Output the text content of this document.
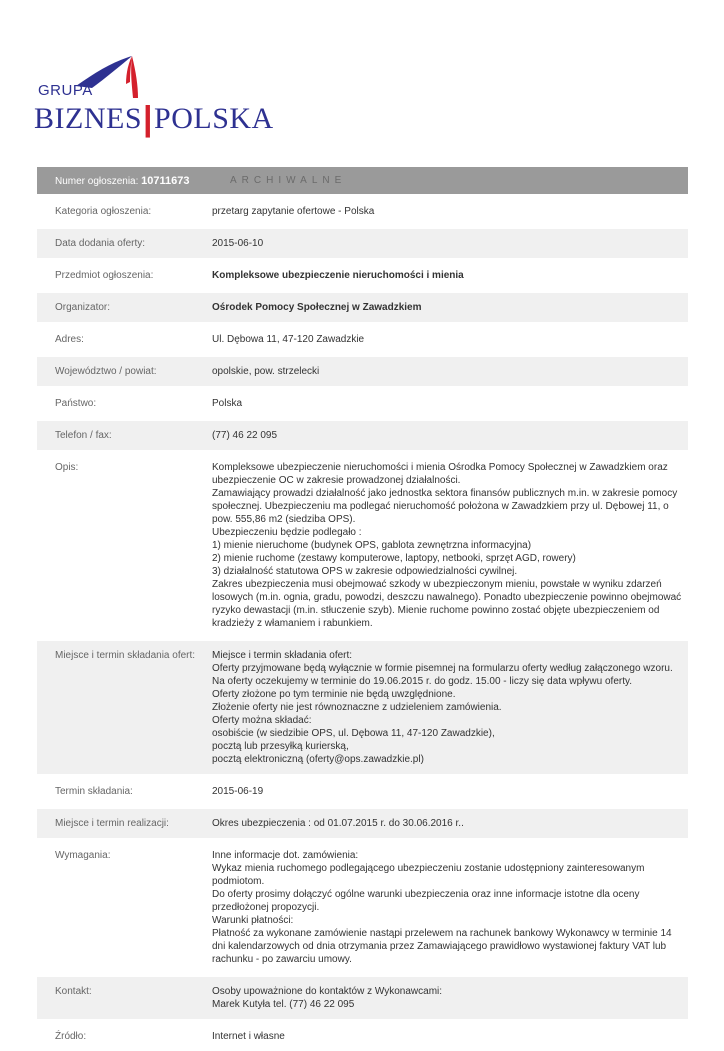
GRUPA
BIZNES|POLSKA
Numer ogłoszenia: 10711673	ARCHIWALNE
Kategoria ogłoszenia:	przetarg zapytanie ofertowe - Polska
Data dodania oferty:	2015-06-10
Przedmiot ogłoszenia:	Kompleksowe ubezpieczenie nieruchomości i mienia
Organizator:	Ośrodek Pomocy Społecznej w Zawadzkiem
Adres:	Ul. Dębowa 11, 47-120 Zawadzkie
Województwo / powiat:	opolskie, pow. strzelecki
Państwo:	Polska
Telefon / fax:	(77) 46 22 095
Opis:	Kompleksowe ubezpieczenie nieruchomości i mienia Ośrodka Pomocy Społecznej w Zawadzkiem oraz ubezpieczenie OC w zakresie prowadzonej działalności.
Zamawiający prowadzi działalność jako jednostka sektora finansów publicznych m.in. w zakresie pomocy społecznej. Ubezpieczeniu ma podlegać nieruchomość położona w Zawadzkiem przy ul. Dębowej 11, o pow. 555,86 m2 (siedziba OPS).
Ubezpieczeniu będzie podlegało :
1) mienie nieruchome (budynek OPS, gablota zewnętrzna informacyjna)
2) mienie ruchome (zestawy komputerowe, laptopy, netbooki, sprzęt AGD, rowery)
3) działalność statutowa OPS w zakresie odpowiedzialności cywilnej.
Zakres ubezpieczenia musi obejmować szkody w ubezpieczonym mieniu, powstałe w wyniku zdarzeń losowych (m.in. ognia, gradu, powodzi, deszczu nawalnego). Ponadto ubezpieczenie powinno obejmować ryzyko dewastacji (m.in. stłuczenie szyb). Mienie ruchome powinno zostać objęte ubezpieczeniem od kradzieży z włamaniem i rabunkiem.
Miejsce i termin składania ofert:	Miejsce i termin składania ofert:
Oferty przyjmowane będą wyłącznie w formie pisemnej na formularzu oferty według załączonego wzoru.
Na oferty oczekujemy w terminie do 19.06.2015 r. do godz. 15.00 - liczy się data wpływu oferty.
Oferty złożone po tym terminie nie będą uwzględnione.
Złożenie oferty nie jest równoznaczne z udzieleniem zamówienia.
Oferty można składać:
osobiście (w siedzibie OPS, ul. Dębowa 11, 47-120 Zawadzkie),
pocztą lub przesyłką kurierską,
pocztą elektroniczną (oferty@ops.zawadzkie.pl)
Termin składania:	2015-06-19
Miejsce i termin realizacji:	Okres ubezpieczenia : od 01.07.2015 r. do 30.06.2016 r..
Wymagania:	Inne informacje dot. zamówienia:
Wykaz mienia ruchomego podlegającego ubezpieczeniu zostanie udostępniony zainteresowanym podmiotom.
Do oferty prosimy dołączyć ogólne warunki ubezpieczenia oraz inne informacje istotne dla oceny przedłożonej propozycji.
Warunki płatności:
Płatność za wykonane zamówienie nastąpi przelewem na rachunek bankowy Wykonawcy w terminie 14 dni kalendarzowych od dnia otrzymania przez Zamawiającego prawidłowo wystawionej faktury VAT lub rachunku - po zawarciu umowy.
Kontakt:	Osoby upoważnione do kontaktów z Wykonawcami:
Marek Kutyła tel. (77) 46 22 095
Źródło:	Internet i własne
